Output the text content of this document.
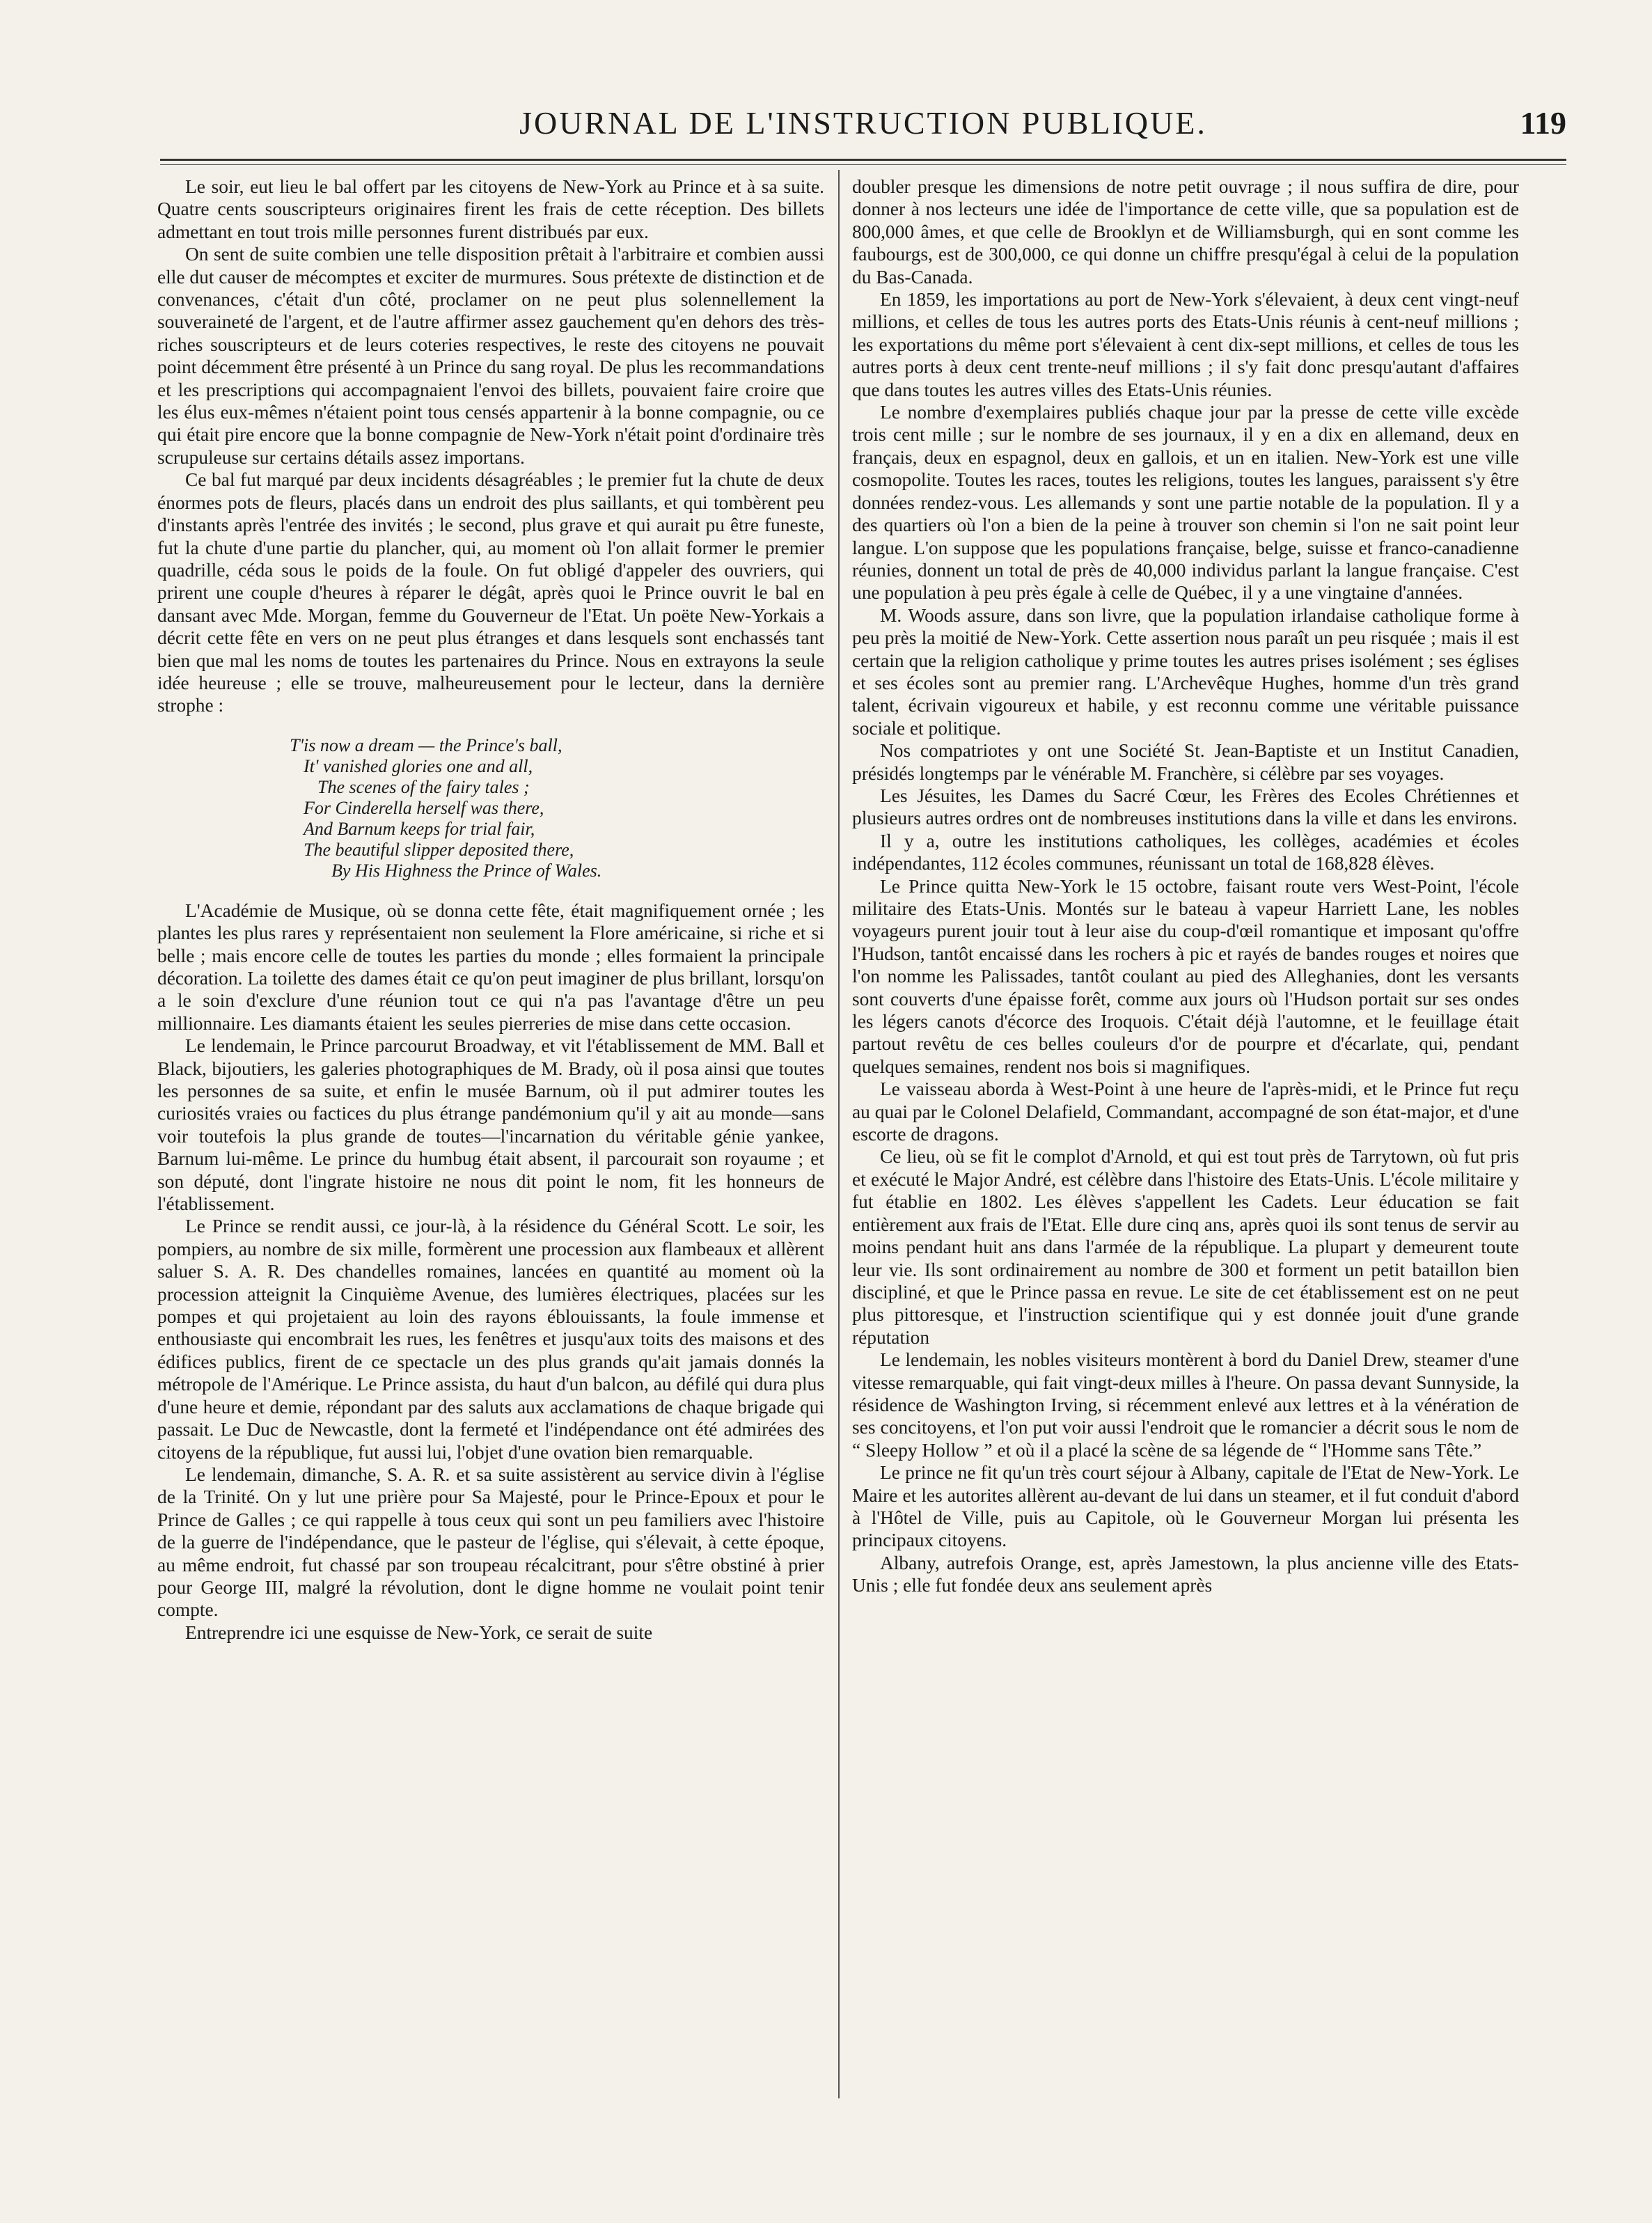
JOURNAL DE L'INSTRUCTION PUBLIQUE.	119

Le soir, eut lieu le bal offert par les citoyens de New-York au Prince et à sa suite. Quatre cents souscripteurs originaires firent les frais de cette réception. Des billets admettant en tout trois mille personnes furent distribués par eux.

On sent de suite combien une telle disposition prêtait à l'arbitraire et combien aussi elle dut causer de mécomptes et exciter de murmures. Sous prétexte de distinction et de convenances, c'était d'un côté, proclamer on ne peut plus solennellement la souveraineté de l'argent, et de l'autre affirmer assez gauchement qu'en dehors des très-riches souscripteurs et de leurs coteries respectives, le reste des citoyens ne pouvait point décemment être présenté à un Prince du sang royal. De plus les recommandations et les prescriptions qui accompagnaient l'envoi des billets, pouvaient faire croire que les élus eux-mêmes n'étaient point tous censés appartenir à la bonne compagnie, ou ce qui était pire encore que la bonne compagnie de New-York n'était point d'ordinaire très scrupuleuse sur certains détails assez importans.

Ce bal fut marqué par deux incidents désagréables ; le premier fut la chute de deux énormes pots de fleurs, placés dans un endroit des plus saillants, et qui tombèrent peu d'instants après l'entrée des invités ; le second, plus grave et qui aurait pu être funeste, fut la chute d'une partie du plancher, qui, au moment où l'on allait former le premier quadrille, céda sous le poids de la foule. On fut obligé d'appeler des ouvriers, qui prirent une couple d'heures à réparer le dégât, après quoi le Prince ouvrit le bal en dansant avec Mde. Morgan, femme du Gouverneur de l'Etat. Un poëte New-Yorkais a décrit cette fête en vers on ne peut plus étranges et dans lesquels sont enchassés tant bien que mal les noms de toutes les partenaires du Prince. Nous en extrayons la seule idée heureuse ; elle se trouve, malheureusement pour le lecteur, dans la dernière strophe :

T'is now a dream — the Prince's ball,
It' vanished glories one and all,
The scenes of the fairy tales ;
For Cinderella herself was there,
And Barnum keeps for trial fair,
The beautiful slipper deposited there,
By His Highness the Prince of Wales.

L'Académie de Musique, où se donna cette fête, était magnifiquement ornée ; les plantes les plus rares y représentaient non seulement la Flore américaine, si riche et si belle ; mais encore celle de toutes les parties du monde ; elles formaient la principale décoration. La toilette des dames était ce qu'on peut imaginer de plus brillant, lorsqu'on a le soin d'exclure d'une réunion tout ce qui n'a pas l'avantage d'être un peu millionnaire. Les diamants étaient les seules pierreries de mise dans cette occasion.

Le lendemain, le Prince parcourut Broadway, et vit l'établissement de MM. Ball et Black, bijoutiers, les galeries photographiques de M. Brady, où il posa ainsi que toutes les personnes de sa suite, et enfin le musée Barnum, où il put admirer toutes les curiosités vraies ou factices du plus étrange pandémonium qu'il y ait au monde—sans voir toutefois la plus grande de toutes—l'incarnation du véritable génie yankee, Barnum lui-même. Le prince du humbug était absent, il parcourait son royaume ; et son député, dont l'ingrate histoire ne nous dit point le nom, fit les honneurs de l'établissement.

Le Prince se rendit aussi, ce jour-là, à la résidence du Général Scott. Le soir, les pompiers, au nombre de six mille, formèrent une procession aux flambeaux et allèrent saluer S. A. R. Des chandelles romaines, lancées en quantité au moment où la procession atteignit la Cinquième Avenue, des lumières électriques, placées sur les pompes et qui projetaient au loin des rayons éblouissants, la foule immense et enthousiaste qui encombrait les rues, les fenêtres et jusqu'aux toits des maisons et des édifices publics, firent de ce spectacle un des plus grands qu'ait jamais donnés la métropole de l'Amérique. Le Prince assista, du haut d'un balcon, au défilé qui dura plus d'une heure et demie, répondant par des saluts aux acclamations de chaque brigade qui passait. Le Duc de Newcastle, dont la fermeté et l'indépendance ont été admirées des citoyens de la république, fut aussi lui, l'objet d'une ovation bien remarquable.

Le lendemain, dimanche, S. A. R. et sa suite assistèrent au service divin à l'église de la Trinité. On y lut une prière pour Sa Majesté, pour le Prince-Epoux et pour le Prince de Galles ; ce qui rappelle à tous ceux qui sont un peu familiers avec l'histoire de la guerre de l'indépendance, que le pasteur de l'église, qui s'élevait, à cette époque, au même endroit, fut chassé par son troupeau récalcitrant, pour s'être obstiné à prier pour George III, malgré la révolution, dont le digne homme ne voulait point tenir compte.

Entreprendre ici une esquisse de New-York, ce serait de suite

doubler presque les dimensions de notre petit ouvrage ; il nous suffira de dire, pour donner à nos lecteurs une idée de l'importance de cette ville, que sa population est de 800,000 âmes, et que celle de Brooklyn et de Williamsburgh, qui en sont comme les faubourgs, est de 300,000, ce qui donne un chiffre presqu'égal à celui de la population du Bas-Canada.

En 1859, les importations au port de New-York s'élevaient, à deux cent vingt-neuf millions, et celles de tous les autres ports des Etats-Unis réunis à cent-neuf millions ; les exportations du même port s'élevaient à cent dix-sept millions, et celles de tous les autres ports à deux cent trente-neuf millions ; il s'y fait donc presqu'autant d'affaires que dans toutes les autres villes des Etats-Unis réunies.

Le nombre d'exemplaires publiés chaque jour par la presse de cette ville excède trois cent mille ; sur le nombre de ses journaux, il y en a dix en allemand, deux en français, deux en espagnol, deux en gallois, et un en italien. New-York est une ville cosmopolite. Toutes les races, toutes les religions, toutes les langues, paraissent s'y être données rendez-vous. Les allemands y sont une partie notable de la population. Il y a des quartiers où l'on a bien de la peine à trouver son chemin si l'on ne sait point leur langue. L'on suppose que les populations française, belge, suisse et franco-canadienne réunies, donnent un total de près de 40,000 individus parlant la langue française. C'est une population à peu près égale à celle de Québec, il y a une vingtaine d'années.

M. Woods assure, dans son livre, que la population irlandaise catholique forme à peu près la moitié de New-York. Cette assertion nous paraît un peu risquée ; mais il est certain que la religion catholique y prime toutes les autres prises isolément ; ses églises et ses écoles sont au premier rang. L'Archevêque Hughes, homme d'un très grand talent, écrivain vigoureux et habile, y est reconnu comme une véritable puissance sociale et politique.

Nos compatriotes y ont une Société St. Jean-Baptiste et un Institut Canadien, présidés longtemps par le vénérable M. Franchère, si célèbre par ses voyages.

Les Jésuites, les Dames du Sacré Cœur, les Frères des Ecoles Chrétiennes et plusieurs autres ordres ont de nombreuses institutions dans la ville et dans les environs.

Il y a, outre les institutions catholiques, les collèges, académies et écoles indépendantes, 112 écoles communes, réunissant un total de 168,828 élèves.

Le Prince quitta New-York le 15 octobre, faisant route vers West-Point, l'école militaire des Etats-Unis. Montés sur le bateau à vapeur Harriett Lane, les nobles voyageurs purent jouir tout à leur aise du coup-d'œil romantique et imposant qu'offre l'Hudson, tantôt encaissé dans les rochers à pic et rayés de bandes rouges et noires que l'on nomme les Palissades, tantôt coulant au pied des Alleghanies, dont les versants sont couverts d'une épaisse forêt, comme aux jours où l'Hudson portait sur ses ondes les légers canots d'écorce des Iroquois. C'était déjà l'automne, et le feuillage était partout revêtu de ces belles couleurs d'or de pourpre et d'écarlate, qui, pendant quelques semaines, rendent nos bois si magnifiques.

Le vaisseau aborda à West-Point à une heure de l'après-midi, et le Prince fut reçu au quai par le Colonel Delafield, Commandant, accompagné de son état-major, et d'une escorte de dragons.

Ce lieu, où se fit le complot d'Arnold, et qui est tout près de Tarrytown, où fut pris et exécuté le Major André, est célèbre dans l'histoire des Etats-Unis. L'école militaire y fut établie en 1802. Les élèves s'appellent les Cadets. Leur éducation se fait entièrement aux frais de l'Etat. Elle dure cinq ans, après quoi ils sont tenus de servir au moins pendant huit ans dans l'armée de la république. La plupart y demeurent toute leur vie. Ils sont ordinairement au nombre de 300 et forment un petit bataillon bien discipliné, et que le Prince passa en revue. Le site de cet établissement est on ne peut plus pittoresque, et l'instruction scientifique qui y est donnée jouit d'une grande réputation

Le lendemain, les nobles visiteurs montèrent à bord du Daniel Drew, steamer d'une vitesse remarquable, qui fait vingt-deux milles à l'heure. On passa devant Sunnyside, la résidence de Washington Irving, si récemment enlevé aux lettres et à la vénération de ses concitoyens, et l'on put voir aussi l'endroit que le romancier a décrit sous le nom de “ Sleepy Hollow ” et où il a placé la scène de sa légende de “ l'Homme sans Tête.”

Le prince ne fit qu'un très court séjour à Albany, capitale de l'Etat de New-York. Le Maire et les autorites allèrent au-devant de lui dans un steamer, et il fut conduit d'abord à l'Hôtel de Ville, puis au Capitole, où le Gouverneur Morgan lui présenta les principaux citoyens.

Albany, autrefois Orange, est, après Jamestown, la plus ancienne ville des Etats-Unis ; elle fut fondée deux ans seulement après
